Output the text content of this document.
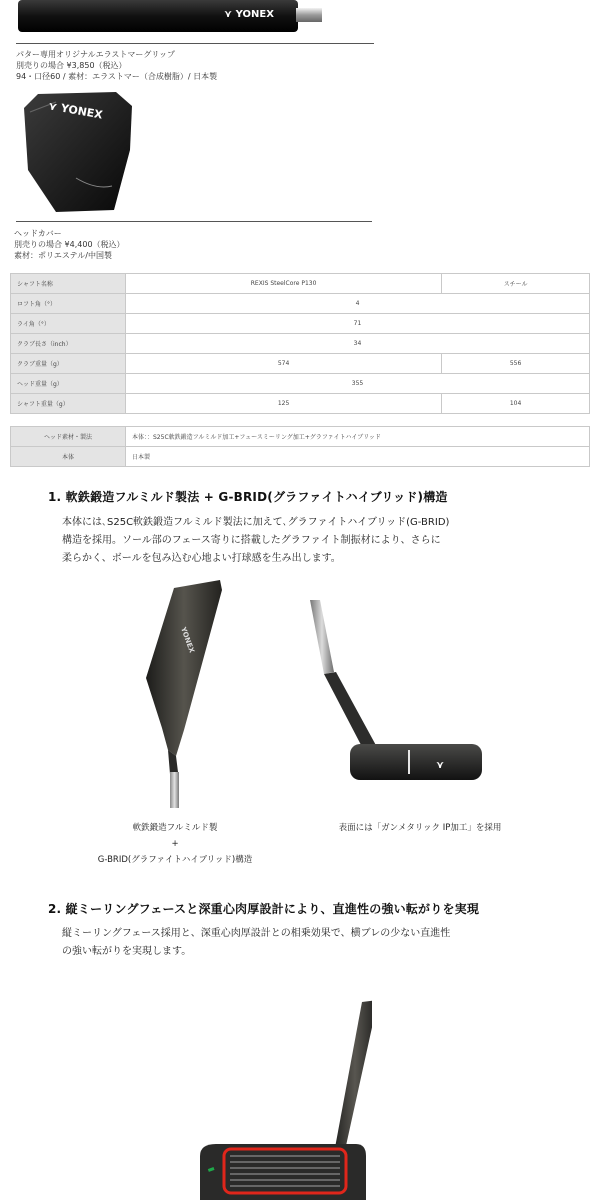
⋎ YONEX
パター専用オリジナルエラストマーグリップ
別売りの場合 ¥3,850（税込）
94・口径60 / 素材：エラストマー（合成樹脂）/ 日本製
⋎ YONEX
ヘッドカバー
別売りの場合 ¥4,400（税込）
素材：ポリエステル/中国製
シャフト名称	REXIS SteelCore P130	スチール
ロフト角（°）	4	
ライ角（°）	71	
クラブ長さ（inch）	34	
クラブ重量（g）	574	556
ヘッド重量（g）	355	
シャフト重量（g）	125	104
ヘッド素材・製法	本体：：S25C軟鉄鍛造フルミルド加工+フェースミーリング加工+グラファイトハイブリッド
本体	日本製
1. 軟鉄鍛造フルミルド製法 + G-BRID(グラファイトハイブリッド)構造
本体には､S25C軟鉄鍛造フルミルド製法に加えて､グラファイトハイブリッド(G-BRID)
構造を採用。ソール部のフェース寄りに搭載したグラファイト制振材により、さらに
柔らかく、ボールを包み込む心地よい打球感を生み出します。
YONEX
⋎
軟鉄鍛造フルミルド製
+
G-BRID(グラファイトハイブリッド)構造
表面には「ガンメタリック IP加工」を採用
2. 縦ミーリングフェースと深重心肉厚設計により、直進性の強い転がりを実現
縦ミーリングフェース採用と、深重心肉厚設計との相乗効果で、横ブレの少ない直進性
の強い転がりを実現します。
